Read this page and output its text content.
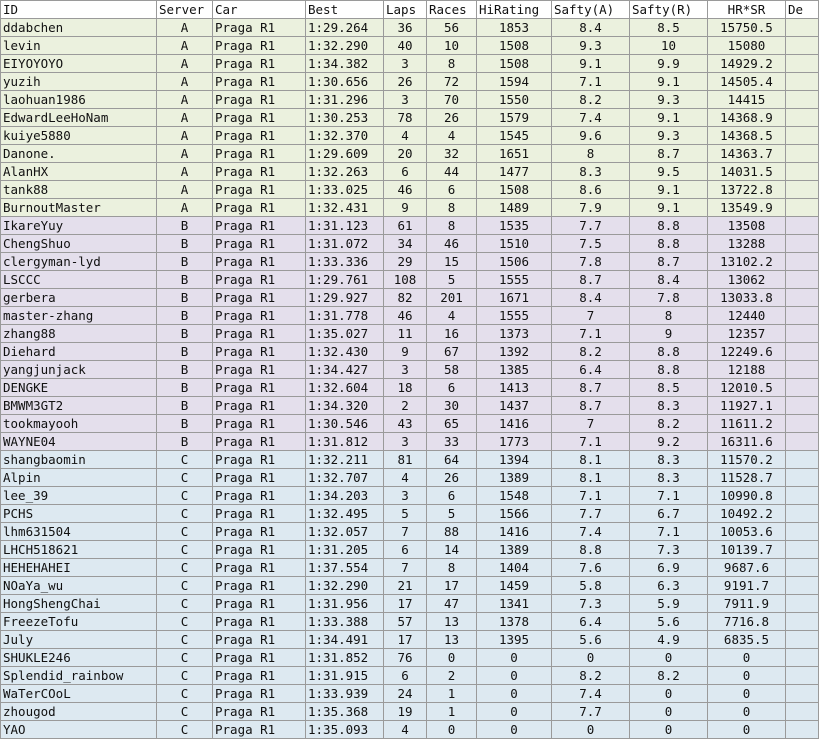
ID	Server	Car	Best	Laps	Races	HiRating	Safty(A)	Safty(R)	HR*SR	De
ddabchen	A	Praga R1	1:29.264	36	56	1853	8.4	8.5	15750.5	
levin	A	Praga R1	1:32.290	40	10	1508	9.3	10	15080	
EIYOYOYO	A	Praga R1	1:34.382	3	8	1508	9.1	9.9	14929.2	
yuzih	A	Praga R1	1:30.656	26	72	1594	7.1	9.1	14505.4	
laohuan1986	A	Praga R1	1:31.296	3	70	1550	8.2	9.3	14415	
EdwardLeeHoNam	A	Praga R1	1:30.253	78	26	1579	7.4	9.1	14368.9	
kuiye5880	A	Praga R1	1:32.370	4	4	1545	9.6	9.3	14368.5	
Danone.	A	Praga R1	1:29.609	20	32	1651	8	8.7	14363.7	
AlanHX	A	Praga R1	1:32.263	6	44	1477	8.3	9.5	14031.5	
tank88	A	Praga R1	1:33.025	46	6	1508	8.6	9.1	13722.8	
BurnoutMaster	A	Praga R1	1:32.431	9	8	1489	7.9	9.1	13549.9	
IkareYuy	B	Praga R1	1:31.123	61	8	1535	7.7	8.8	13508	
ChengShuo	B	Praga R1	1:31.072	34	46	1510	7.5	8.8	13288	
clergyman-lyd	B	Praga R1	1:33.336	29	15	1506	7.8	8.7	13102.2	
LSCCC	B	Praga R1	1:29.761	108	5	1555	8.7	8.4	13062	
gerbera	B	Praga R1	1:29.927	82	201	1671	8.4	7.8	13033.8	
master-zhang	B	Praga R1	1:31.778	46	4	1555	7	8	12440	
zhang88	B	Praga R1	1:35.027	11	16	1373	7.1	9	12357	
Diehard	B	Praga R1	1:32.430	9	67	1392	8.2	8.8	12249.6	
yangjunjack	B	Praga R1	1:34.427	3	58	1385	6.4	8.8	12188	
DENGKE	B	Praga R1	1:32.604	18	6	1413	8.7	8.5	12010.5	
BMWM3GT2	B	Praga R1	1:34.320	2	30	1437	8.7	8.3	11927.1	
tookmayooh	B	Praga R1	1:30.546	43	65	1416	7	8.2	11611.2	
WAYNE04	B	Praga R1	1:31.812	3	33	1773	7.1	9.2	16311.6	
shangbaomin	C	Praga R1	1:32.211	81	64	1394	8.1	8.3	11570.2	
Alpin	C	Praga R1	1:32.707	4	26	1389	8.1	8.3	11528.7	
lee_39	C	Praga R1	1:34.203	3	6	1548	7.1	7.1	10990.8	
PCHS	C	Praga R1	1:32.495	5	5	1566	7.7	6.7	10492.2	
lhm631504	C	Praga R1	1:32.057	7	88	1416	7.4	7.1	10053.6	
LHCH518621	C	Praga R1	1:31.205	6	14	1389	8.8	7.3	10139.7	
HEHEHAHEI	C	Praga R1	1:37.554	7	8	1404	7.6	6.9	9687.6	
NOaYa_wu	C	Praga R1	1:32.290	21	17	1459	5.8	6.3	9191.7	
HongShengChai	C	Praga R1	1:31.956	17	47	1341	7.3	5.9	7911.9	
FreezeTofu	C	Praga R1	1:33.388	57	13	1378	6.4	5.6	7716.8	
July	C	Praga R1	1:34.491	17	13	1395	5.6	4.9	6835.5	
SHUKLE246	C	Praga R1	1:31.852	76	0	0	0	0	0	
Splendid_rainbow	C	Praga R1	1:31.915	6	2	0	8.2	8.2	0	
WaTerCOoL	C	Praga R1	1:33.939	24	1	0	7.4	0	0	
zhougod	C	Praga R1	1:35.368	19	1	0	7.7	0	0	
YAO	C	Praga R1	1:35.093	4	0	0	0	0	0	
